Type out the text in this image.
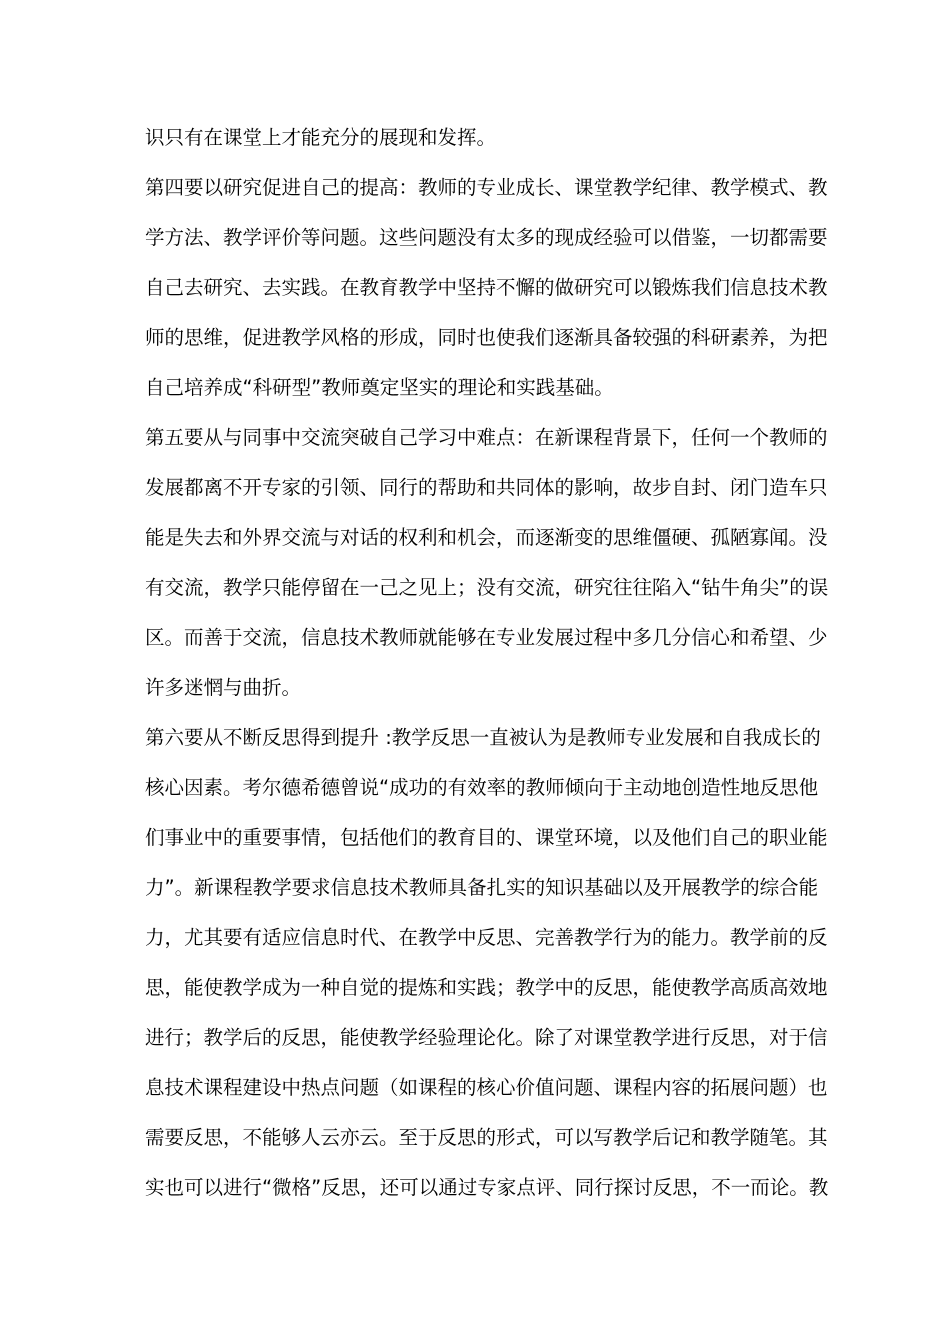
识只有在课堂上才能充分的展现和发挥。
第四要以研究促进自己的提高：教师的专业成长、课堂教学纪律、教学模式、教
学方法、教学评价等问题。这些问题没有太多的现成经验可以借鉴，一切都需要
自己去研究、去实践。在教育教学中坚持不懈的做研究可以锻炼我们信息技术教
师的思维，促进教学风格的形成，同时也使我们逐渐具备较强的科研素养，为把
自己培养成“科研型”教师奠定坚实的理论和实践基础。
第五要从与同事中交流突破自己学习中难点：在新课程背景下，任何一个教师的
发展都离不开专家的引领、同行的帮助和共同体的影响，故步自封、闭门造车只
能是失去和外界交流与对话的权利和机会，而逐渐变的思维僵硬、孤陋寡闻。没
有交流，教学只能停留在一己之见上；没有交流，研究往往陷入“钻牛角尖”的误
区。而善于交流，信息技术教师就能够在专业发展过程中多几分信心和希望、少
许多迷惘与曲折。
第六要从不断反思得到提升 :教学反思一直被认为是教师专业发展和自我成长的
核心因素。考尔德希德曾说“成功的有效率的教师倾向于主动地创造性地反思他
们事业中的重要事情，包括他们的教育目的、课堂环境，以及他们自己的职业能
力”。新课程教学要求信息技术教师具备扎实的知识基础以及开展教学的综合能
力，尤其要有适应信息时代、在教学中反思、完善教学行为的能力。教学前的反
思，能使教学成为一种自觉的提炼和实践；教学中的反思，能使教学高质高效地
进行；教学后的反思，能使教学经验理论化。除了对课堂教学进行反思，对于信
息技术课程建设中热点问题（如课程的核心价值问题、课程内容的拓展问题）也
需要反思，不能够人云亦云。至于反思的形式，可以写教学后记和教学随笔。其
实也可以进行“微格”反思，还可以通过专家点评、同行探讨反思，不一而论。教
